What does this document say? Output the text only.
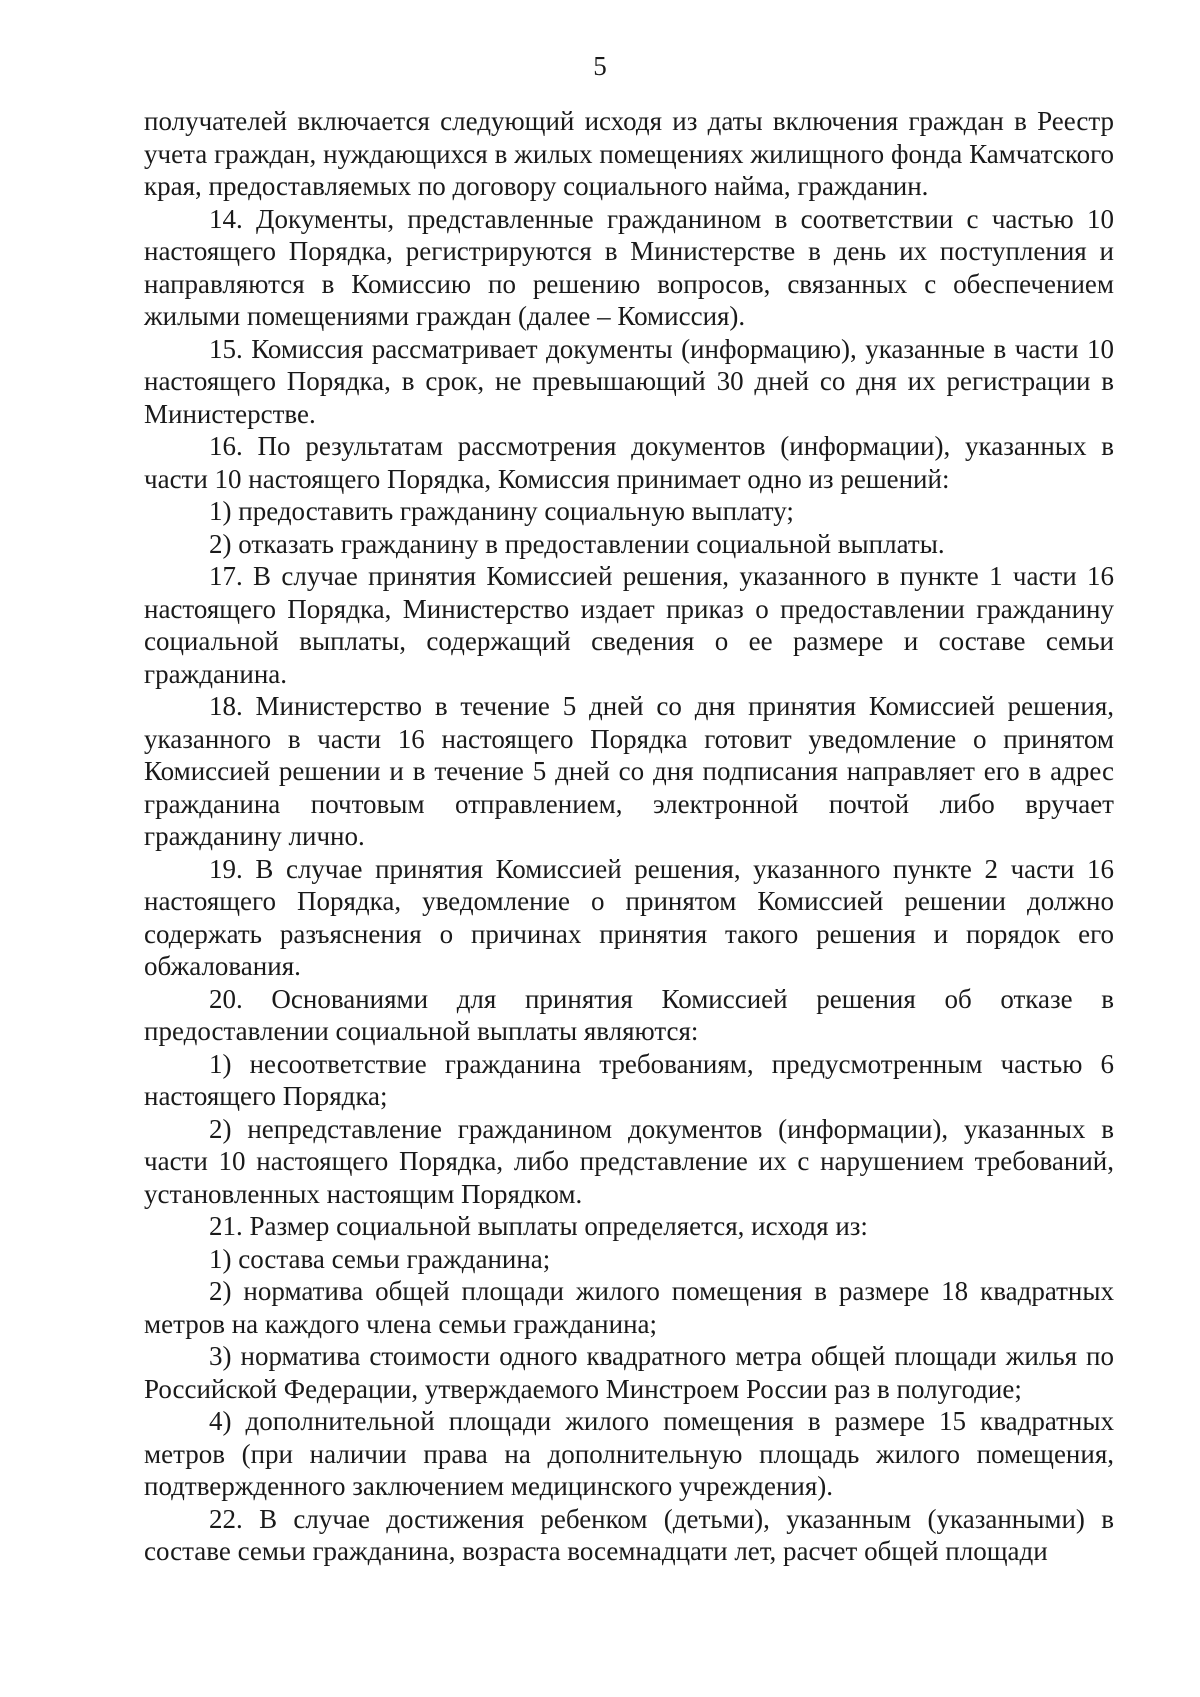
5

получателей включается следующий исходя из даты включения граждан в Реестр учета граждан, нуждающихся в жилых помещениях жилищного фонда Камчатского края, предоставляемых по договору социального найма, гражданин.

14. Документы, представленные гражданином в соответствии с частью 10 настоящего Порядка, регистрируются в Министерстве в день их поступления и направляются в Комиссию по решению вопросов, связанных с обеспечением жилыми помещениями граждан (далее – Комиссия).

15. Комиссия рассматривает документы (информацию), указанные в части 10 настоящего Порядка, в срок, не превышающий 30 дней со дня их регистрации в Министерстве.

16. По результатам рассмотрения документов (информации), указанных в части 10 настоящего Порядка, Комиссия принимает одно из решений:

1) предоставить гражданину социальную выплату;

2) отказать гражданину в предоставлении социальной выплаты.

17. В случае принятия Комиссией решения, указанного в пункте 1 части 16 настоящего Порядка, Министерство издает приказ о предоставлении гражданину социальной выплаты, содержащий сведения о ее размере и составе семьи гражданина.

18. Министерство в течение 5 дней со дня принятия Комиссией решения, указанного в части 16 настоящего Порядка готовит уведомление о принятом Комиссией решении и в течение 5 дней со дня подписания направляет его в адрес гражданина почтовым отправлением, электронной почтой либо вручает гражданину лично.

19. В случае принятия Комиссией решения, указанного пункте 2 части 16 настоящего Порядка, уведомление о принятом Комиссией решении должно содержать разъяснения о причинах принятия такого решения и порядок его обжалования.

20. Основаниями для принятия Комиссией решения об отказе в предоставлении социальной выплаты являются:

1) несоответствие гражданина требованиям, предусмотренным частью 6 настоящего Порядка;

2) непредставление гражданином документов (информации), указанных в части 10 настоящего Порядка, либо представление их с нарушением требований, установленных настоящим Порядком.

21. Размер социальной выплаты определяется, исходя из:

1) состава семьи гражданина;

2) норматива общей площади жилого помещения в размере 18 квадратных метров на каждого члена семьи гражданина;

3) норматива стоимости одного квадратного метра общей площади жилья по Российской Федерации, утверждаемого Минстроем России раз в полугодие;

4) дополнительной площади жилого помещения в размере 15 квадратных метров (при наличии права на дополнительную площадь жилого помещения, подтвержденного заключением медицинского учреждения).

22. В случае достижения ребенком (детьми), указанным (указанными) в составе семьи гражданина, возраста восемнадцати лет, расчет общей площади
